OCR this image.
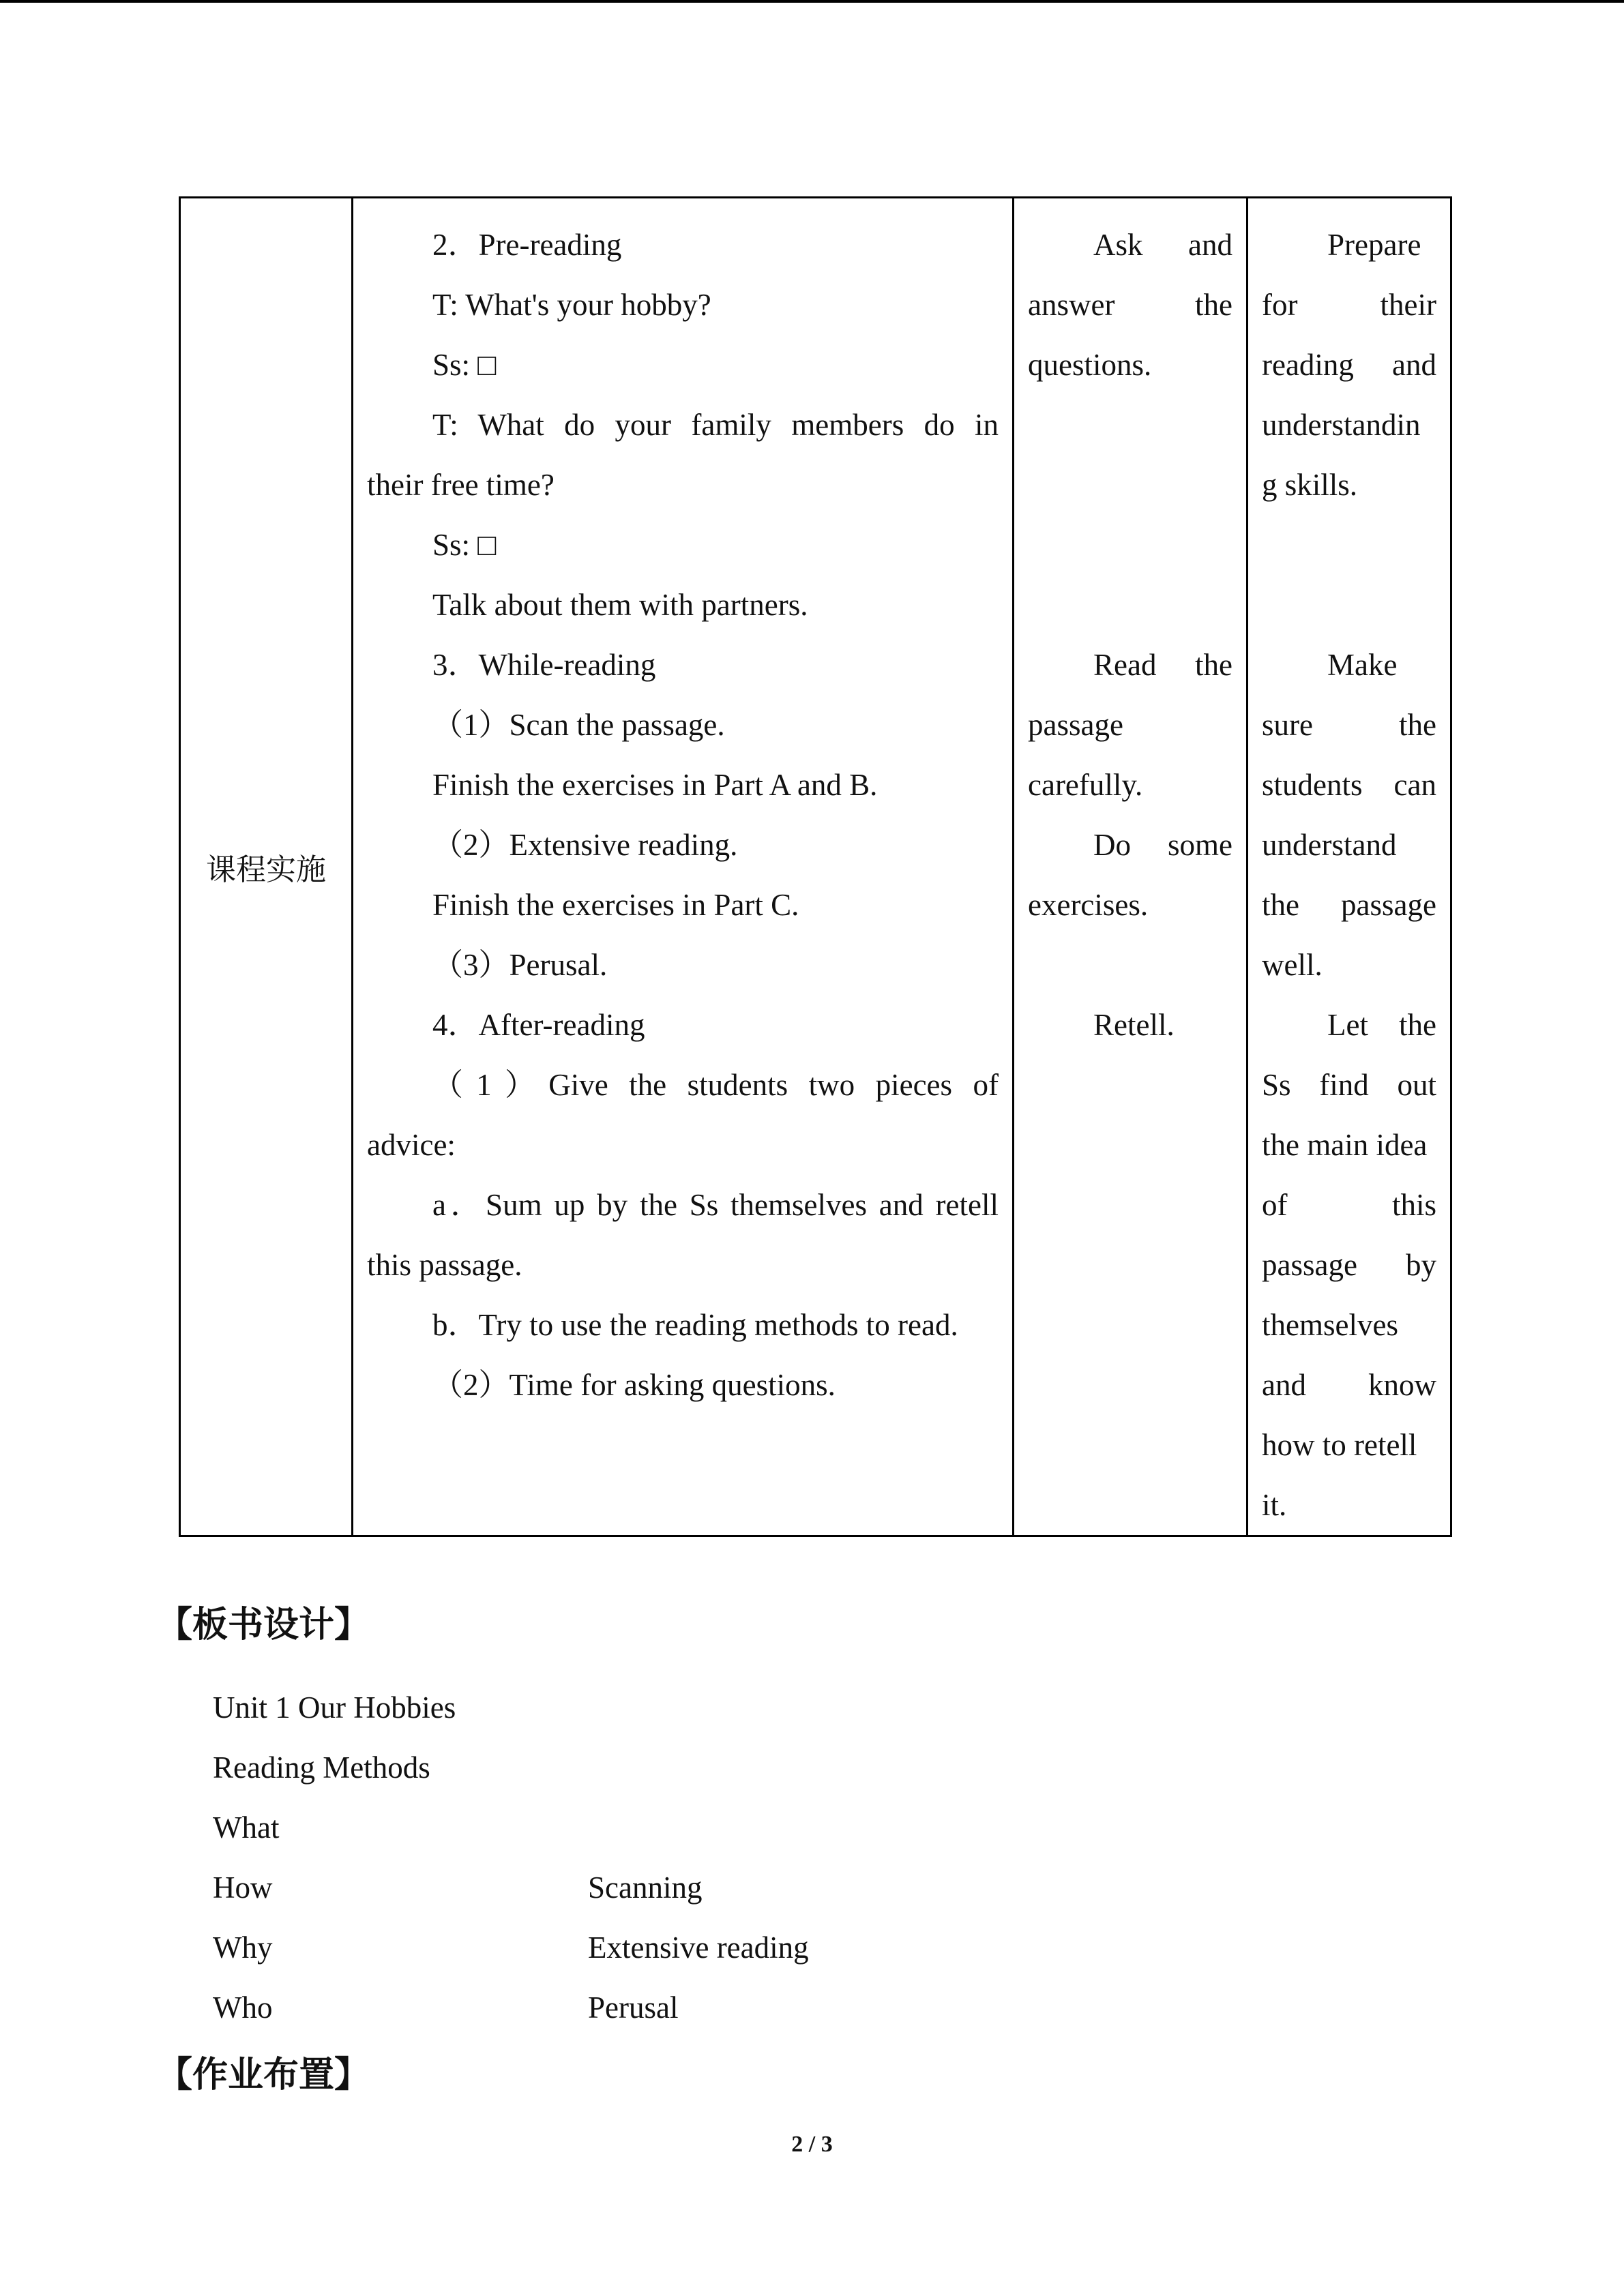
课程实施	
2．Pre-reading
T: What's your hobby?
Ss: □
T: What do your family members do in
their free time?
Ss: □
Talk about them with partners.
3．While-reading
（1）Scan the passage.
Finish the exercises in Part A and B.
（2）Extensive reading.
Finish the exercises in Part C.
（3）Perusal.
4．After-reading
（1）Give the students two pieces of
advice:
a．Sum up by the Ss themselves and retell
this passage.
b．Try to use the reading methods to read.
（2）Time for asking questions.

Ask and
answer the
questions.
Read the
passage
carefully.
Do some
exercises.
Retell.

Prepare
for their
reading and
understandin
g skills.
Make
sure the
students can
understand
the passage
well.
Let the
Ss find out
the main idea
of this
passage by
themselves
and know
how to retell
it.
【板书设计】
Unit 1 Our Hobbies
Reading Methods
What
How	Scanning
Why	Extensive reading
Who	Perusal
【作业布置】
2 / 3
